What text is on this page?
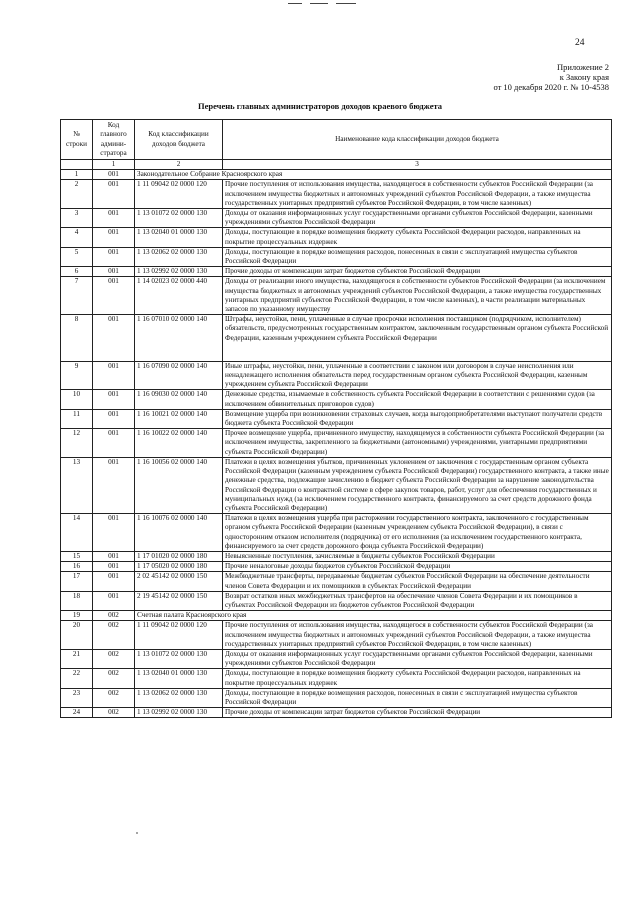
24
Приложение 2
к Закону края
от 10 декабря 2020 г. № 10-4538
Перечень главных администраторов доходов краевого бюджета
№ строки	Код главного админи-стратора	Код классификации доходов бюджета	Наименование кода классификации доходов бюджета
	1	2	3
1	001	Законодательное Собрание Красноярского края	
2	001	1 11 09042 02 0000 120	Прочие поступления от использования имущества, находящегося в собственности субъектов Российской Федерации (за исключением имущества бюджетных и автономных учреждений субъектов Российской Федерации, а также имущества государственных унитарных предприятий субъектов Российской Федерации, в том числе казенных)
3	001	1 13 01072 02 0000 130	Доходы от оказания информационных услуг государственными органами субъектов Российской Федерации, казенными учреждениями субъектов Российской Федерации
4	001	1 13 02040 01 0000 130	Доходы, поступающие в порядке возмещения бюджету субъекта Российской Федерации расходов, направленных на покрытие процессуальных издержек
5	001	1 13 02062 02 0000 130	Доходы, поступающие в порядке возмещения расходов, понесенных в связи с эксплуатацией имущества субъектов Российской Федерации
6	001	1 13 02992 02 0000 130	Прочие доходы от компенсации затрат бюджетов субъектов Российской Федерации
7	001	1 14 02023 02 0000 440	Доходы от реализации иного имущества, находящегося в собственности субъектов Российской Федерации (за исключением имущества бюджетных и автономных учреждений субъектов Российской Федерации, а также имущества государственных унитарных предприятий субъектов Российской Федерации, в том числе казенных), в части реализации материальных запасов по указанному имуществу
8	001	1 16 07010 02 0000 140	Штрафы, неустойки, пени, уплаченные в случае просрочки исполнения поставщиком (подрядчиком, исполнителем) обязательств, предусмотренных государственным контрактом, заключенным государственным органом субъекта Российской Федерации, казенным учреждением субъекта Российской Федерации
9	001	1 16 07090 02 0000 140	Иные штрафы, неустойки, пени, уплаченные в соответствии с законом или договором в случае неисполнения или ненадлежащего исполнения обязательств перед государственным органом субъекта Российской Федерации, казенным учреждением субъекта Российской Федерации
10	001	1 16 09030 02 0000 140	Денежные средства, изымаемые в собственность субъекта Российской Федерации в соответствии с решениями судов (за исключением обвинительных приговоров судов)
11	001	1 16 10021 02 0000 140	Возмещение ущерба при возникновении страховых случаев, когда выгодоприобретателями выступают получатели средств бюджета субъекта Российской Федерации
12	001	1 16 10022 02 0000 140	Прочее возмещение ущерба, причиненного имуществу, находящемуся в собственности субъекта Российской Федерации (за исключением имущества, закрепленного за бюджетными (автономными) учреждениями, унитарными предприятиями субъекта Российской Федерации)
13	001	1 16 10056 02 0000 140	Платежи в целях возмещения убытков, причиненных уклонением от заключения с государственным органом субъекта Российской Федерации (казенным учреждением субъекта Российской Федерации) государственного контракта, а также иные денежные средства, подлежащие зачислению в бюджет субъекта Российской Федерации за нарушение законодательства Российской Федерации о контрактной системе в сфере закупок товаров, работ, услуг для обеспечения государственных и муниципальных нужд (за исключением государственного контракта, финансируемого за счет средств дорожного фонда субъекта Российской Федерации)
14	001	1 16 10076 02 0000 140	Платежи в целях возмещения ущерба при расторжении государственного контракта, заключенного с государственным органом субъекта Российской Федерации (казенным учреждением субъекта Российской Федерации), в связи с односторонним отказом исполнителя (подрядчика) от его исполнения (за исключением государственного контракта, финансируемого за счет средств дорожного фонда субъекта Российской Федерации)
15	001	1 17 01020 02 0000 180	Невыясненные поступления, зачисляемые в бюджеты субъектов Российской Федерации
16	001	1 17 05020 02 0000 180	Прочие неналоговые доходы бюджетов субъектов Российской Федерации
17	001	2 02 45142 02 0000 150	Межбюджетные трансферты, передаваемые бюджетам субъектов Российской Федерации на обеспечение деятельности членов Совета Федерации и их помощников в субъектах Российской Федерации
18	001	2 19 45142 02 0000 150	Возврат остатков иных межбюджетных трансфертов на обеспечение членов Совета Федерации и их помощников в субъектах Российской Федерации из бюджетов субъектов Российской Федерации
19	002	Счетная палата Красноярского края	
20	002	1 11 09042 02 0000 120	Прочие поступления от использования имущества, находящегося в собственности субъектов Российской Федерации (за исключением имущества бюджетных и автономных учреждений субъектов Российской Федерации, а также имущества государственных унитарных предприятий субъектов Российской Федерации, в том числе казенных)
21	002	1 13 01072 02 0000 130	Доходы от оказания информационных услуг государственными органами субъектов Российской Федерации, казенными учреждениями субъектов Российской Федерации
22	002	1 13 02040 01 0000 130	Доходы, поступающие в порядке возмещения бюджету субъекта Российской Федерации расходов, направленных на покрытие процессуальных издержек
23	002	1 13 02062 02 0000 130	Доходы, поступающие в порядке возмещения расходов, понесенных в связи с эксплуатацией имущества субъектов Российской Федерации
24	002	1 13 02992 02 0000 130	Прочие доходы от компенсации затрат бюджетов субъектов Российской Федерации
